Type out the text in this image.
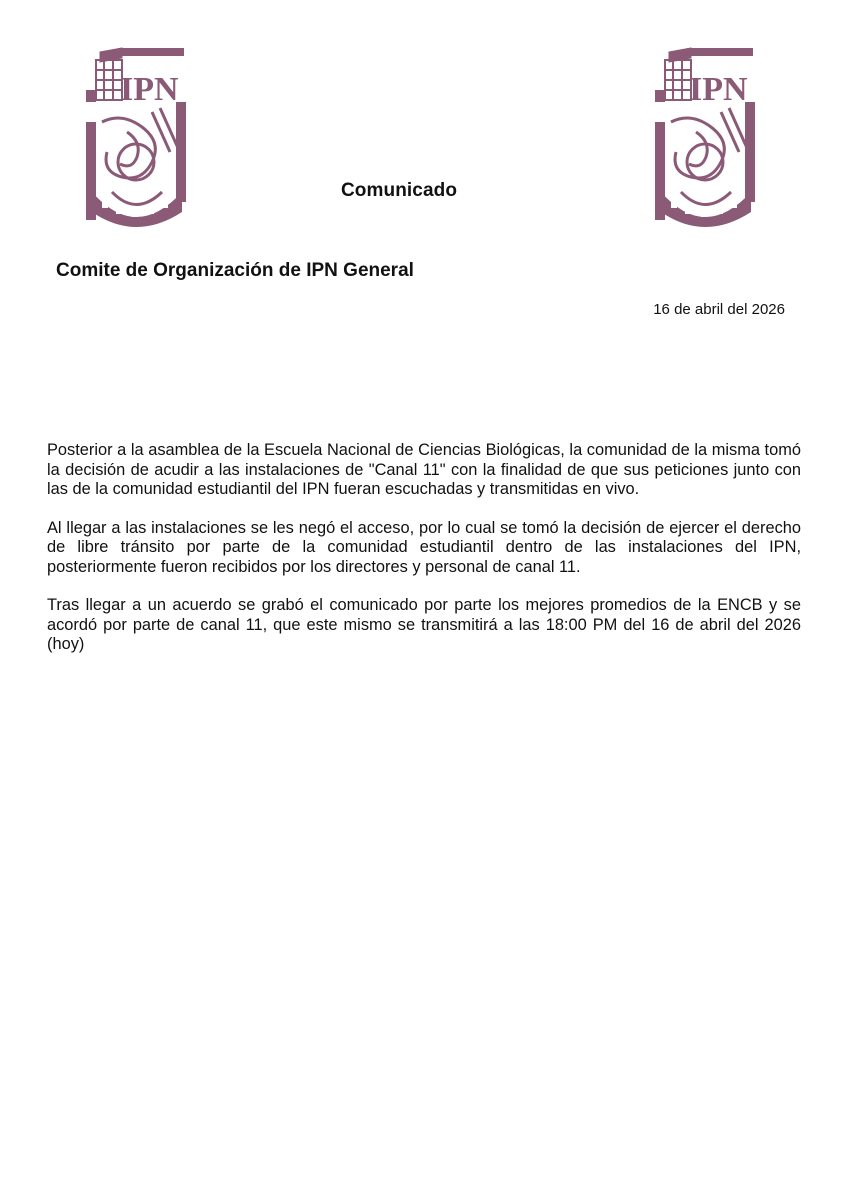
IPN	IPN
Comunicado
Comite de Organización de IPN General
16 de abril del 2026

Posterior a la asamblea de la Escuela Nacional de Ciencias Biológicas, la comunidad de la misma tomó la decisión de acudir a las instalaciones de "Canal 11" con la finalidad de que sus peticiones junto con las de la comunidad estudiantil del IPN fueran escuchadas y transmitidas en vivo.

Al llegar a las instalaciones se les negó el acceso, por lo cual se tomó la decisión de ejercer el derecho de libre tránsito por parte de la comunidad estudiantil dentro de las instalaciones del IPN, posteriormente fueron recibidos por los directores y personal de canal 11.

Tras llegar a un acuerdo se grabó el comunicado por parte los mejores promedios de la ENCB y se acordó por parte de canal 11, que este mismo se transmitirá a las 18:00 PM del 16 de abril del 2026 (hoy)
